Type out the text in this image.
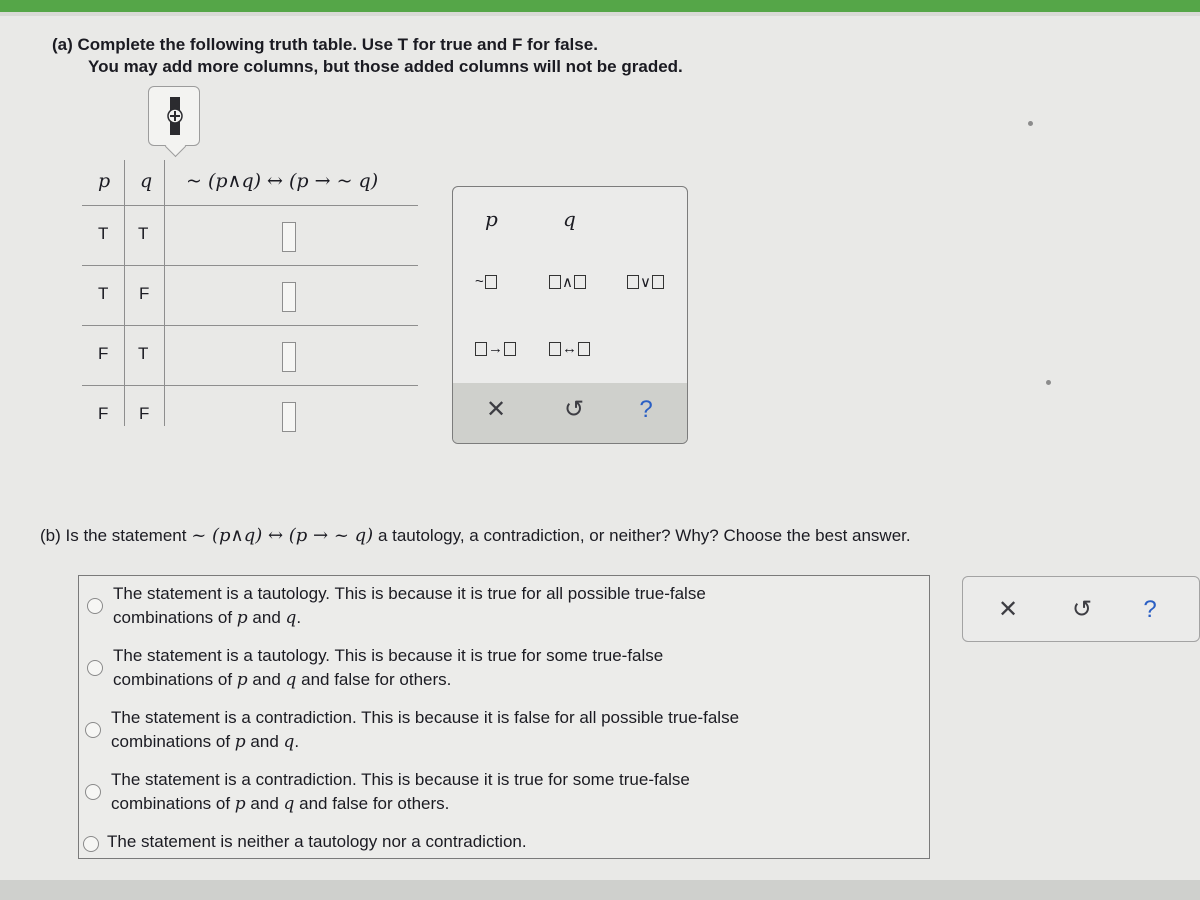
(a) Complete the following truth table. Use T for true and F for false.
You may add more columns, but those added columns will not be graded.
p q ~ (p∧q) ↔ (p → ~ q)
T T
T F
F T
F F
p	q
~	∧	∨
→	↔
✕ ↺	?
(b) Is the statement ~ (p∧q) ↔ (p → ~ q) a tautology, a contradiction, or neither? Why? Choose the best answer.
The statement is a tautology. This is because it is true for all possible true-false
combinations of p and q.
The statement is a tautology. This is because it is true for some true-false
combinations of p and q and false for others.
The statement is a contradiction. This is because it is false for all possible true-false
combinations of p and q.
The statement is a contradiction. This is because it is true for some true-false
combinations of p and q and false for others.
The statement is neither a tautology nor a contradiction.
✕ ↺	?
